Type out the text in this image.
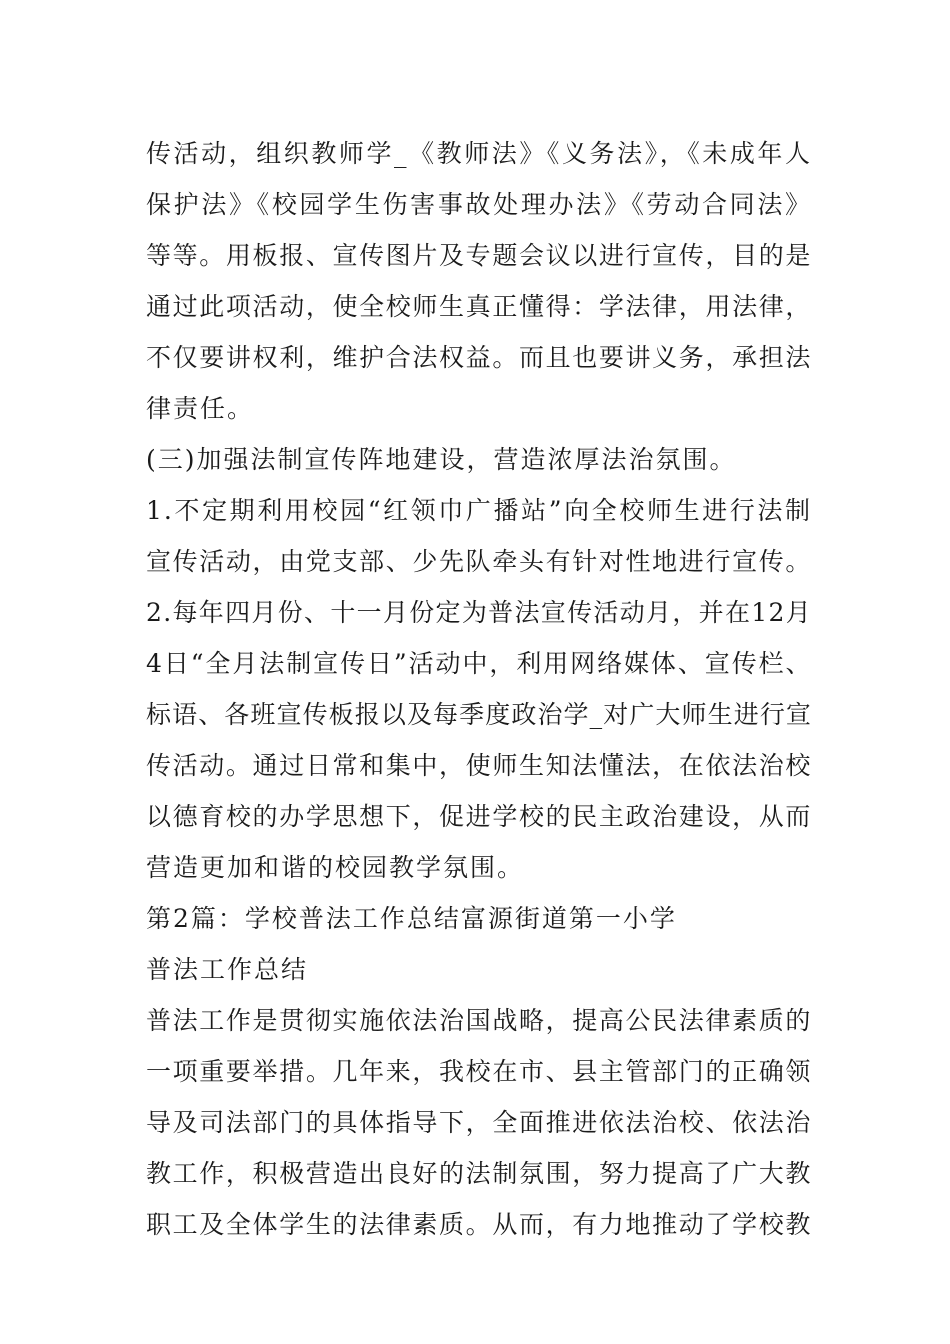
传活动，组织教师学_《教师法》《义务法》，《未成年人
保护法》《校园学生伤害事故处理办法》《劳动合同法》
等等。用板报、宣传图片及专题会议以进行宣传，目的是
通过此项活动，使全校师生真正懂得：学法律，用法律，
不仅要讲权利，维护合法权益。而且也要讲义务，承担法
律责任。
(三)加强法制宣传阵地建设，营造浓厚法治氛围。
1.不定期利用校园“红领巾广播站”向全校师生进行法制
宣传活动，由党支部、少先队牵头有针对性地进行宣传。
2.每年四月份、十一月份定为普法宣传活动月，并在12月
4日“全月法制宣传日”活动中，利用网络媒体、宣传栏、
标语、各班宣传板报以及每季度政治学_对广大师生进行宣
传活动。通过日常和集中，使师生知法懂法，在依法治校
以德育校的办学思想下，促进学校的民主政治建设，从而
营造更加和谐的校园教学氛围。
第2篇：学校普法工作总结富源街道第一小学
普法工作总结
普法工作是贯彻实施依法治国战略，提高公民法律素质的
一项重要举措。几年来，我校在市、县主管部门的正确领
导及司法部门的具体指导下，全面推进依法治校、依法治
教工作，积极营造出良好的法制氛围，努力提高了广大教
职工及全体学生的法律素质。从而，有力地推动了学校教
